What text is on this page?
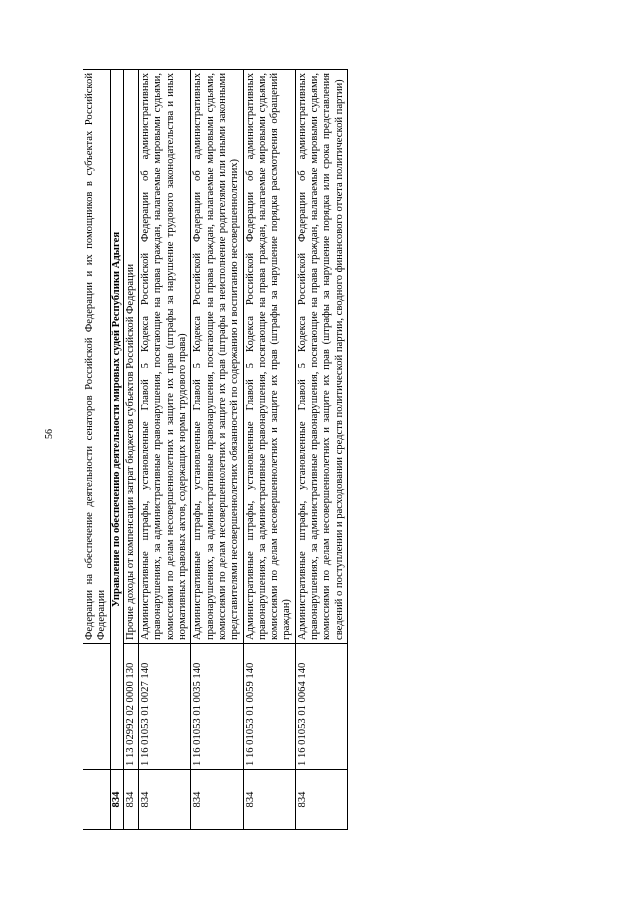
56
			Федерации на обеспечение деятельности сенаторов Российской Федерации и их помощников в субъектах Российской Федерации
834	Управление по обеспечению деятельности мировых судей Республики Адыгея	
834	1 13 02992 02 0000 130	Прочие доходы от компенсации затрат бюджетов субъектов Российской Федерации
834	1 16 01053 01 0027 140	Административные штрафы, установленные Главой 5 Кодекса Российской Федерации об административных правонарушениях, за административные правонарушения, посягающие на права граждан, налагаемые мировыми судьями, комиссиями по делам несовершеннолетних и защите их прав (штрафы за нарушение трудового законодательства и иных нормативных правовых актов, содержащих нормы трудового права)
834	1 16 01053 01 0035 140	Административные штрафы, установленные Главой 5 Кодекса Российской Федерации об административных правонарушениях, за административные правонарушения, посягающие на права граждан, налагаемые мировыми судьями, комиссиями по делам несовершеннолетних и защите их прав (штрафы за неисполнение родителями или иными законными представителями несовершеннолетних обязанностей по содержанию и воспитанию несовершеннолетних)
834	1 16 01053 01 0059 140	Административные штрафы, установленные Главой 5 Кодекса Российской Федерации об административных правонарушениях, за административные правонарушения, посягающие на права граждан, налагаемые мировыми судьями, комиссиями по делам несовершеннолетних и защите их прав (штрафы за нарушение порядка рассмотрения обращений граждан)
834	1 16 01053 01 0064 140	Административные штрафы, установленные Главой 5 Кодекса Российской Федерации об административных правонарушениях, за административные правонарушения, посягающие на права граждан, налагаемые мировыми судьями, комиссиями по делам несовершеннолетних и защите их прав (штрафы за нарушение порядка или срока представления сведений о поступлении и расходовании средств политической партии, сводного финансового отчета политической партии)
